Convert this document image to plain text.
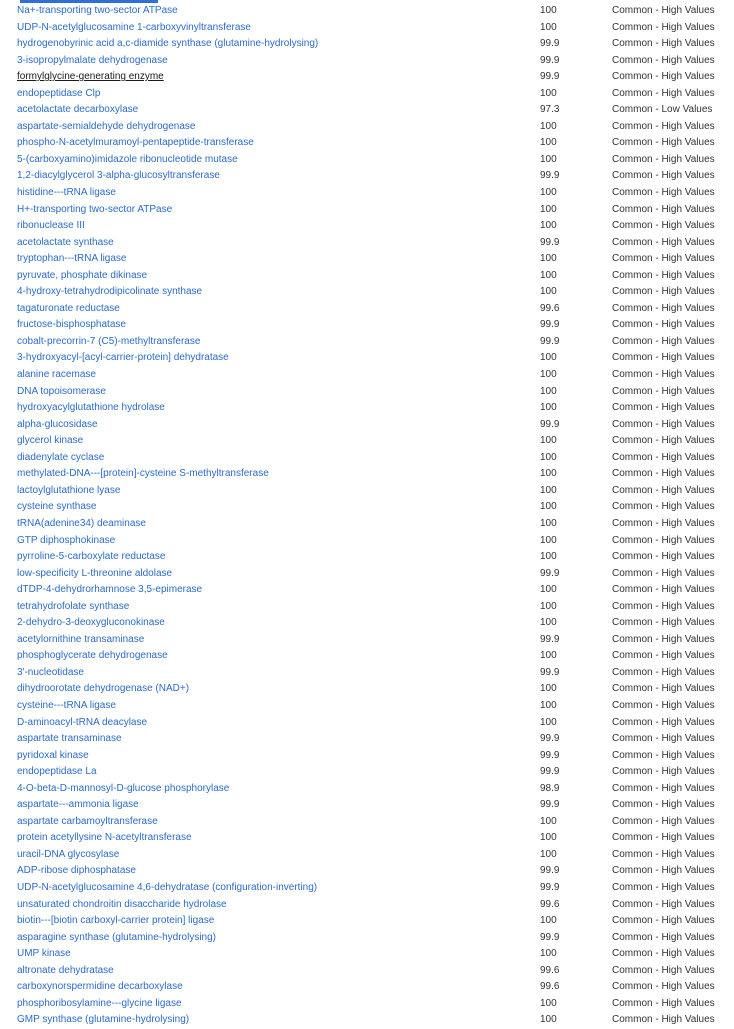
Na+-transporting two-sector ATPase	100	Common - High Values
UDP-N-acetylglucosamine 1-carboxyvinyltransferase	100	Common - High Values
hydrogenobyrinic acid a,c-diamide synthase (glutamine-hydrolysing)	99.9	Common - High Values
3-isopropylmalate dehydrogenase	99.9	Common - High Values
formylglycine-generating enzyme	99.9	Common - High Values
endopeptidase Clp	100	Common - High Values
acetolactate decarboxylase	97.3	Common - Low Values
aspartate-semialdehyde dehydrogenase	100	Common - High Values
phospho-N-acetylmuramoyl-pentapeptide-transferase	100	Common - High Values
5-(carboxyamino)imidazole ribonucleotide mutase	100	Common - High Values
1,2-diacylglycerol 3-alpha-glucosyltransferase	99.9	Common - High Values
histidine---tRNA ligase	100	Common - High Values
H+-transporting two-sector ATPase	100	Common - High Values
ribonuclease III	100	Common - High Values
acetolactate synthase	99.9	Common - High Values
tryptophan---tRNA ligase	100	Common - High Values
pyruvate, phosphate dikinase	100	Common - High Values
4-hydroxy-tetrahydrodipicolinate synthase	100	Common - High Values
tagaturonate reductase	99.6	Common - High Values
fructose-bisphosphatase	99.9	Common - High Values
cobalt-precorrin-7 (C5)-methyltransferase	99.9	Common - High Values
3-hydroxyacyl-[acyl-carrier-protein] dehydratase	100	Common - High Values
alanine racemase	100	Common - High Values
DNA topoisomerase	100	Common - High Values
hydroxyacylglutathione hydrolase	100	Common - High Values
alpha-glucosidase	99.9	Common - High Values
glycerol kinase	100	Common - High Values
diadenylate cyclase	100	Common - High Values
methylated-DNA---[protein]-cysteine S-methyltransferase	100	Common - High Values
lactoylglutathione lyase	100	Common - High Values
cysteine synthase	100	Common - High Values
tRNA(adenine34) deaminase	100	Common - High Values
GTP diphosphokinase	100	Common - High Values
pyrroline-5-carboxylate reductase	100	Common - High Values
low-specificity L-threonine aldolase	99.9	Common - High Values
dTDP-4-dehydrorhamnose 3,5-epimerase	100	Common - High Values
tetrahydrofolate synthase	100	Common - High Values
2-dehydro-3-deoxygluconokinase	100	Common - High Values
acetylornithine transaminase	99.9	Common - High Values
phosphoglycerate dehydrogenase	100	Common - High Values
3'-nucleotidase	99.9	Common - High Values
dihydroorotate dehydrogenase (NAD+)	100	Common - High Values
cysteine---tRNA ligase	100	Common - High Values
D-aminoacyl-tRNA deacylase	100	Common - High Values
aspartate transaminase	99.9	Common - High Values
pyridoxal kinase	99.9	Common - High Values
endopeptidase La	99.9	Common - High Values
4-O-beta-D-mannosyl-D-glucose phosphorylase	98.9	Common - High Values
aspartate---ammonia ligase	99.9	Common - High Values
aspartate carbamoyltransferase	100	Common - High Values
protein acetyllysine N-acetyltransferase	100	Common - High Values
uracil-DNA glycosylase	100	Common - High Values
ADP-ribose diphosphatase	99.9	Common - High Values
UDP-N-acetylglucosamine 4,6-dehydratase (configuration-inverting)	99.9	Common - High Values
unsaturated chondroitin disaccharide hydrolase	99.6	Common - High Values
biotin---[biotin carboxyl-carrier protein] ligase	100	Common - High Values
asparagine synthase (glutamine-hydrolysing)	99.9	Common - High Values
UMP kinase	100	Common - High Values
altronate dehydratase	99.6	Common - High Values
carboxynorspermidine decarboxylase	99.6	Common - High Values
phosphoribosylamine---glycine ligase	100	Common - High Values
GMP synthase (glutamine-hydrolysing)	100	Common - High Values
